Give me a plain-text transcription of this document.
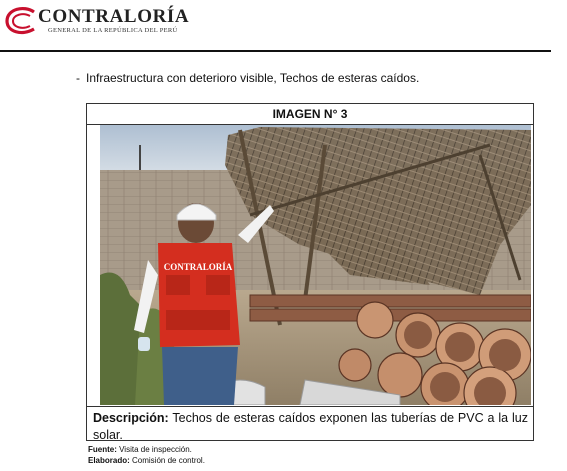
CONTRALORÍA
GENERAL DE LA REPÚBLICA DEL PERÚ
- Infraestructura con deterioro visible, Techos de esteras caídos.
IMAGEN N° 3
CONTRALORÍA
Descripción: Techos de esteras caídos exponen las tuberías de PVC a la luz solar.
Fuente: Visita de inspección.
Elaborado: Comisión de control.
